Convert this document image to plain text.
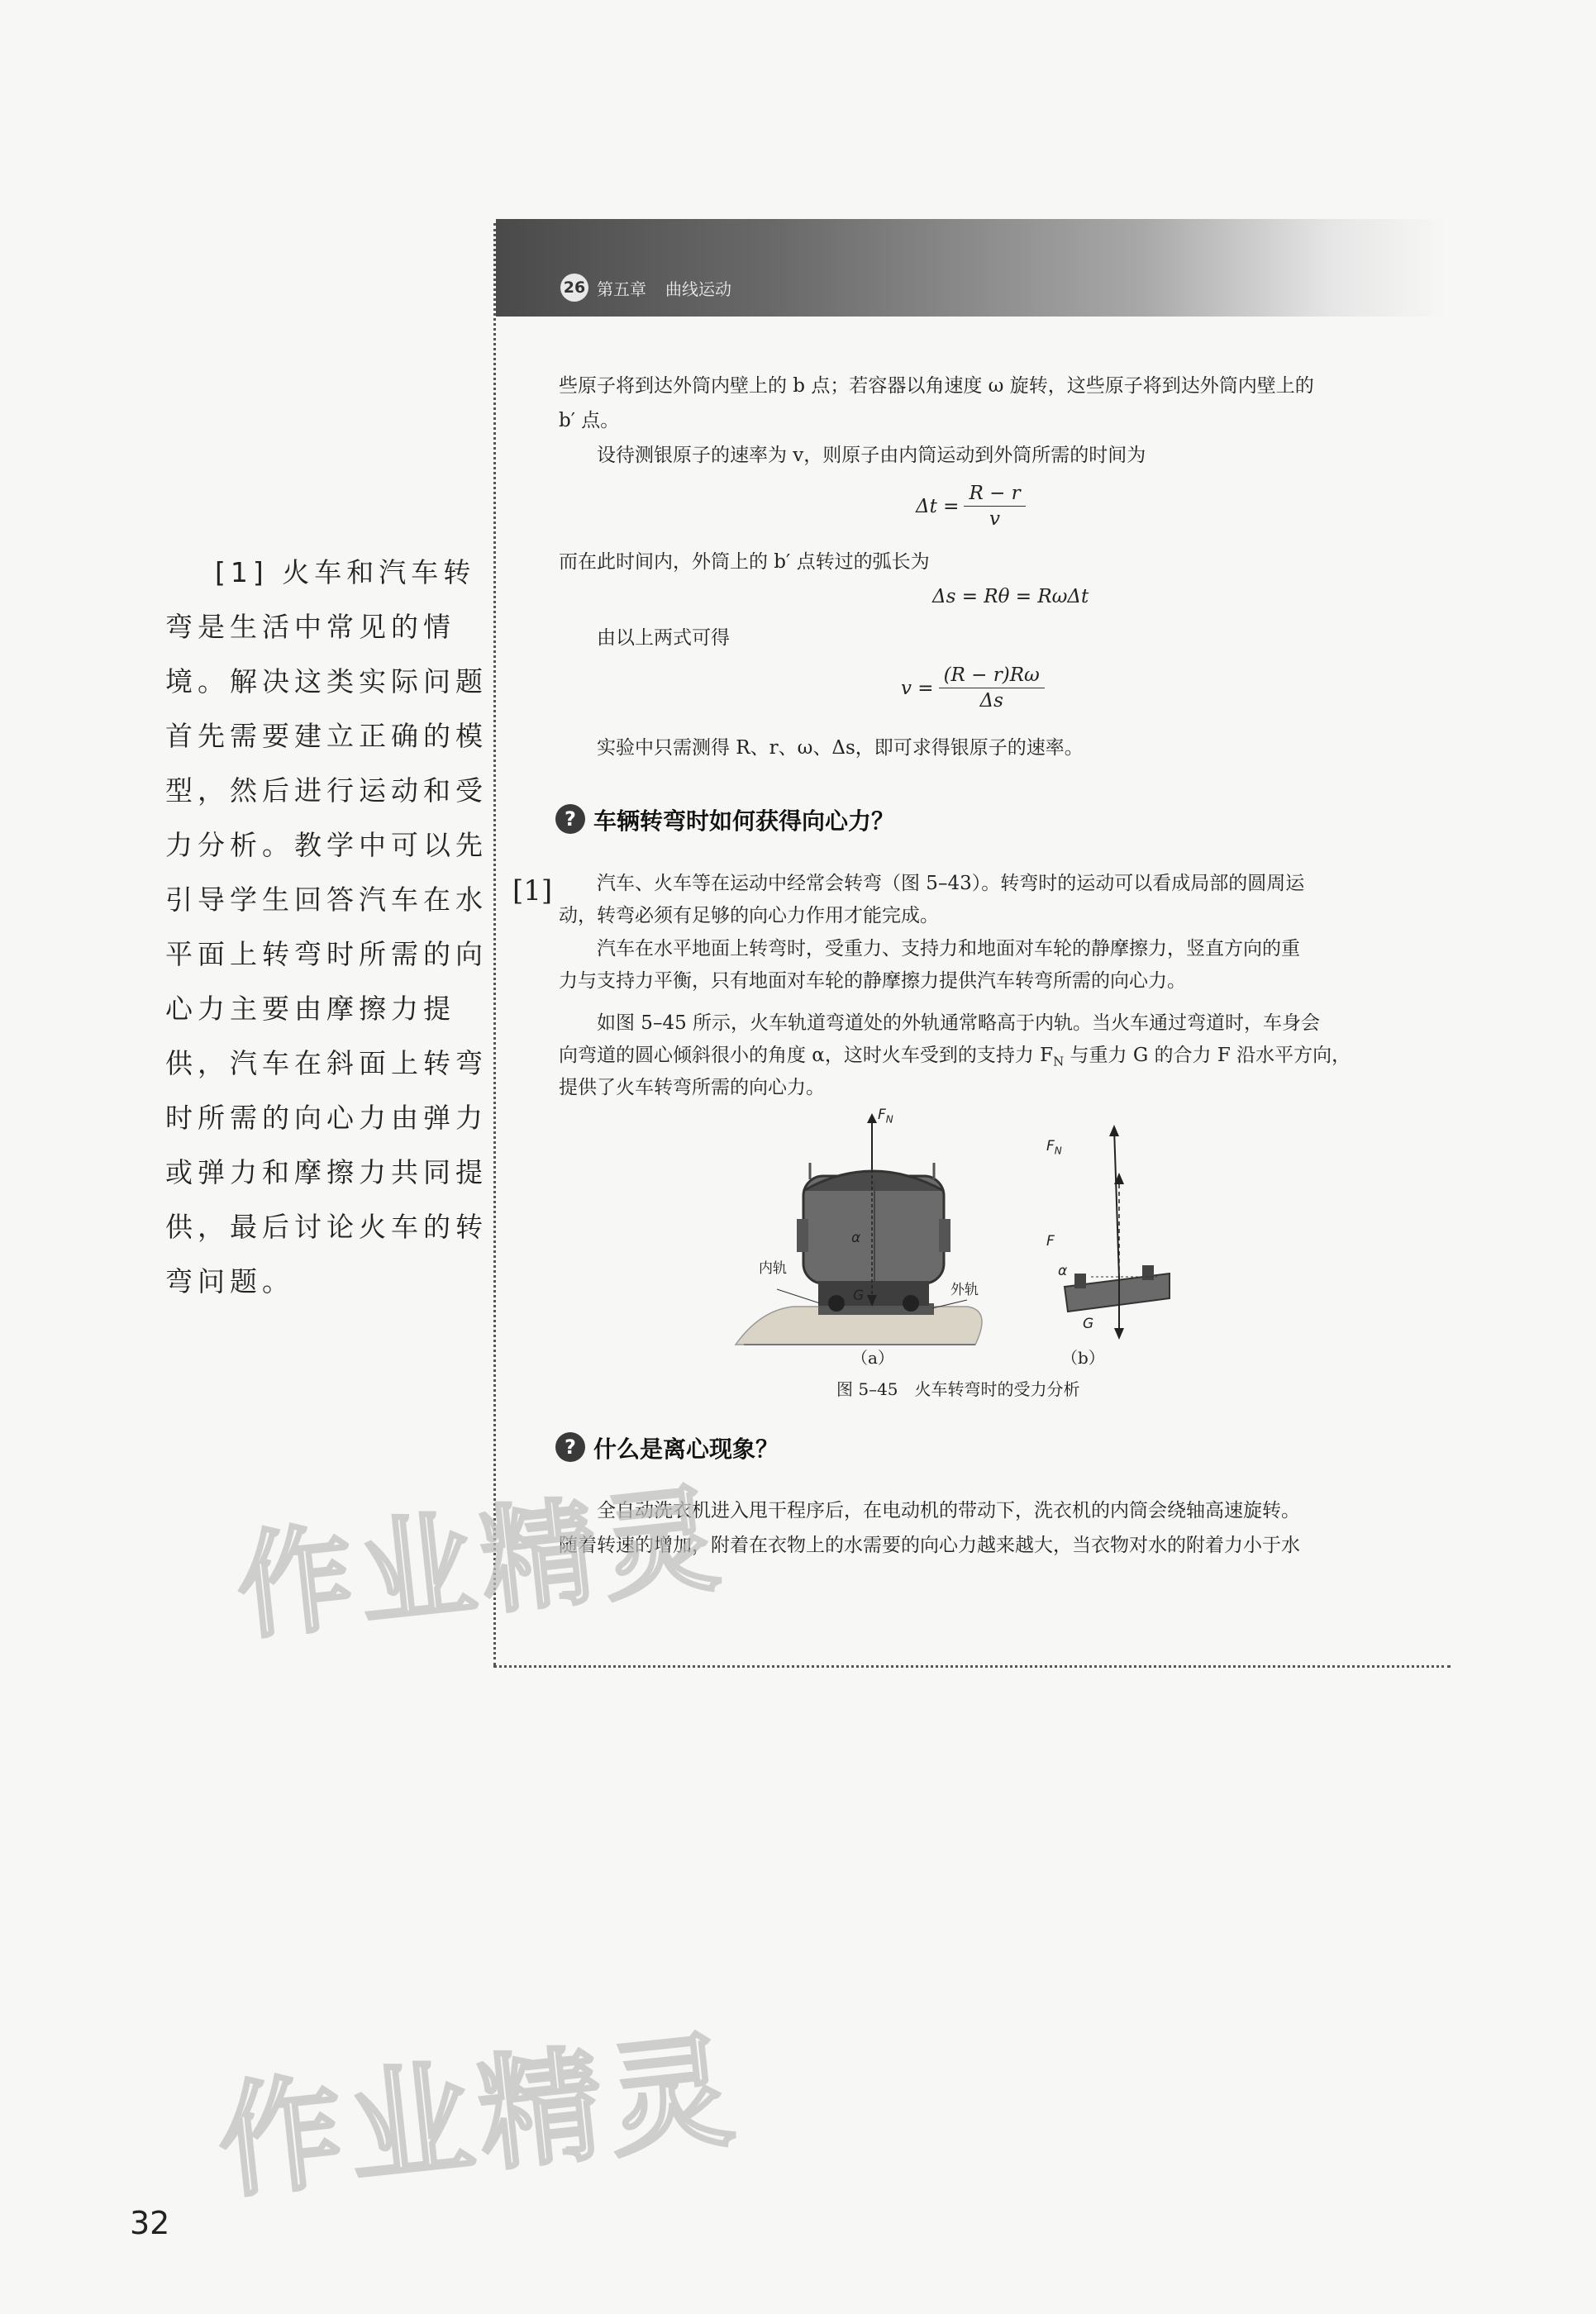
26 第五章 曲线运动
些原子将到达外筒内壁上的 b 点；若容器以角速度 ω 旋转，这些原子将到达外筒内壁上的
b′ 点。
设待测银原子的速率为 v，则原子由内筒运动到外筒所需的时间为
$\Delta t = \frac{R - r}{v}$
而在此时间内，外筒上的 b′ 点转过的弧长为
Δs = Rθ = RωΔt
由以上两式可得
$v = \frac{(R - r)R\omega}{\Delta s}$
实验中只需测得 R、r、ω、Δs，即可求得银原子的速率。
? 车辆转弯时如何获得向心力？
[1] 汽车、火车等在运动中经常会转弯（图 5–43）。转弯时的运动可以看成局部的圆周运
动，转弯必须有足够的向心力作用才能完成。
汽车在水平地面上转弯时，受重力、支持力和地面对车轮的静摩擦力，竖直方向的重
力与支持力平衡，只有地面对车轮的静摩擦力提供汽车转弯所需的向心力。
如图 5–45 所示，火车轨道弯道处的外轨通常略高于内轨。当火车通过弯道时，车身会
向弯道的圆心倾斜很小的角度 α，这时火车受到的支持力 $F_N$ 与重力 G 的合力 F 沿水平方向，
提供了火车转弯所需的向心力。
$F_N$
α
内轨
外轨
G
$F_N$
F
α
G
（a）	（b）
图 5–45　火车转弯时的受力分析
? 什么是离心现象？
全自动洗衣机进入甩干程序后，在电动机的带动下，洗衣机的内筒会绕轴高速旋转。
随着转速的增加，附着在衣物上的水需要的向心力越来越大，当衣物对水的附着力小于水
[1] 火车和汽车转
弯是生活中常见的情
境。解决这类实际问题
首先需要建立正确的模
型，然后进行运动和受
力分析。教学中可以先
引导学生回答汽车在水
平面上转弯时所需的向
心力主要由摩擦力提
供，汽车在斜面上转弯
时所需的向心力由弹力
或弹力和摩擦力共同提
供，最后讨论火车的转
弯问题。
作业精灵
作业精灵
32
